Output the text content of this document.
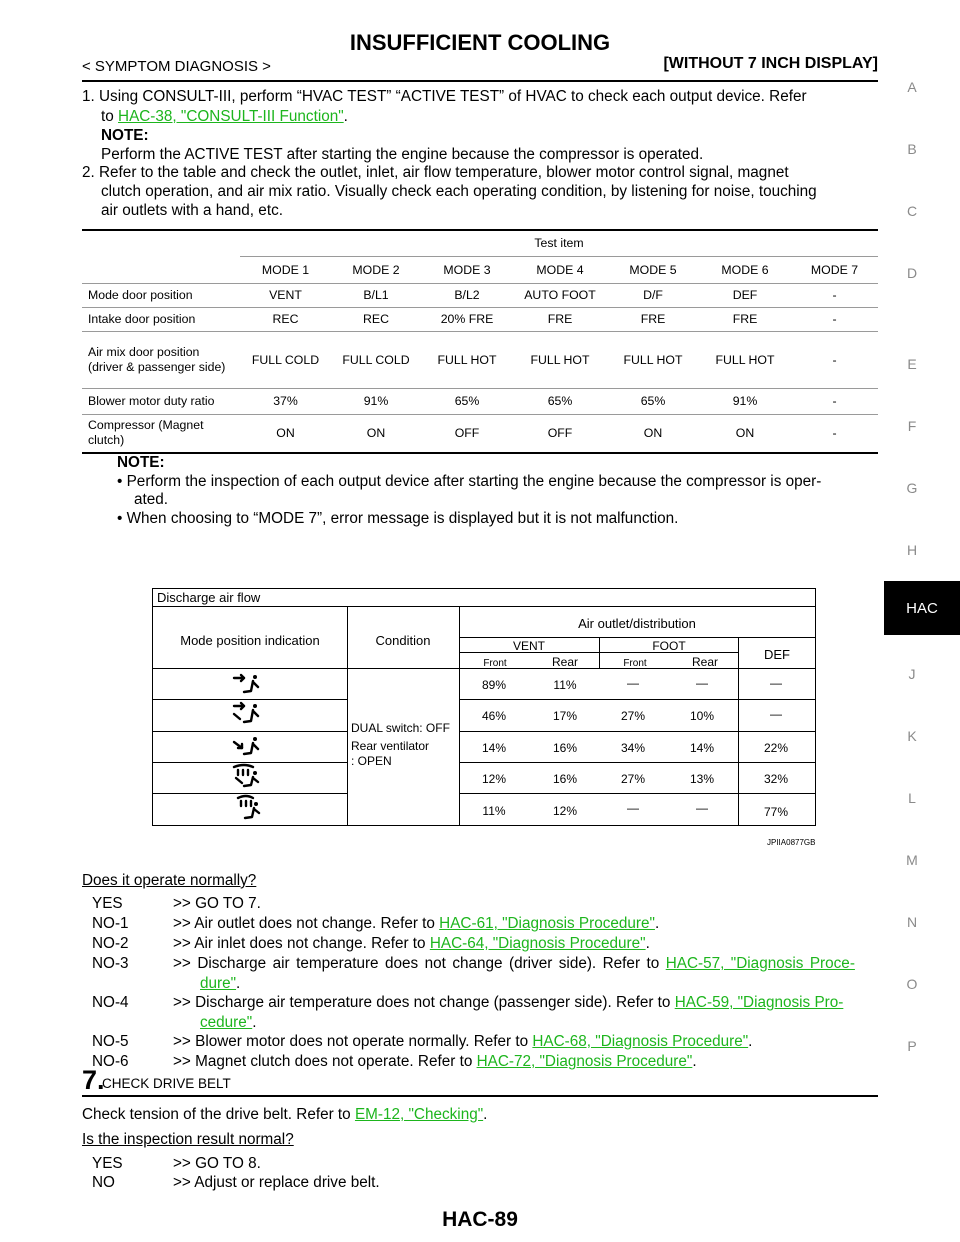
INSUFFICIENT COOLING
< SYMPTOM DIAGNOSIS >	[WITHOUT 7 INCH DISPLAY]
A
B
C
D
E
F
G
H
HAC
J
K
L
M
N
O
P
1. Using CONSULT-III, perform “HVAC TEST” “ACTIVE TEST” of HVAC to check each output device. Refer
to HAC-38, "CONSULT-III Function".
NOTE:
Perform the ACTIVE TEST after starting the engine because the compressor is operated.
2. Refer to the table and check the outlet, inlet, air flow temperature, blower motor control signal, magnet
clutch operation, and air mix ratio. Visually check each operating condition, by listening for noise, touching
air outlets with a hand, etc.
	Test item						
	MODE 1	MODE 2	MODE 3	MODE 4	MODE 5	MODE 6	MODE 7
Mode door position	VENT	B/L1	B/L2	AUTO FOOT	D/F	DEF	-
Intake door position	REC	REC	20% FRE	FRE	FRE	FRE	-
Air mix door position (driver & passenger side)	FULL COLD	FULL COLD	FULL HOT	FULL HOT	FULL HOT	FULL HOT	-
Blower motor duty ratio	37%	91%	65%	65%	65%	91%	-
Compressor (Magnet clutch)	ON	ON	OFF	OFF	ON	ON	-
NOTE:
• Perform the inspection of each output device after starting the engine because the compressor is oper-
ated.
• When choosing to “MODE 7”, error message is displayed but it is not malfunction.
Discharge air flow
Mode position indication	Condition
Air outlet/distribution
VENT	FOOT
DEF
Front	Rear	Front	Rear
DUAL switch: OFF
Rear ventilator
: OPEN
89%	11%	—	—	—
46%	17%	27%	10%	—
14%	16%	34%	14%	22%
12%	16%	27%	13%	32%
11%	12%	—	—	77%
JPIIA0877GB
Does it operate normally?
YES	>> GO TO 7.
NO-1	>> Air outlet does not change. Refer to HAC-61, "Diagnosis Procedure".
NO-2	>> Air inlet does not change. Refer to HAC-64, "Diagnosis Procedure".
NO-3	>> Discharge air temperature does not change (driver side). Refer to HAC-57, "Diagnosis Proce-
dure".
NO-4	>> Discharge air temperature does not change (passenger side). Refer to HAC-59, "Diagnosis Pro-
cedure".
NO-5	>> Blower motor does not operate normally. Refer to HAC-68, "Diagnosis Procedure".
NO-6	>> Magnet clutch does not operate. Refer to HAC-72, "Diagnosis Procedure".
7.
CHECK DRIVE BELT
Check tension of the drive belt. Refer to EM-12, "Checking".
Is the inspection result normal?
YES	>> GO TO 8.
NO	>> Adjust or replace drive belt.
HAC-89
